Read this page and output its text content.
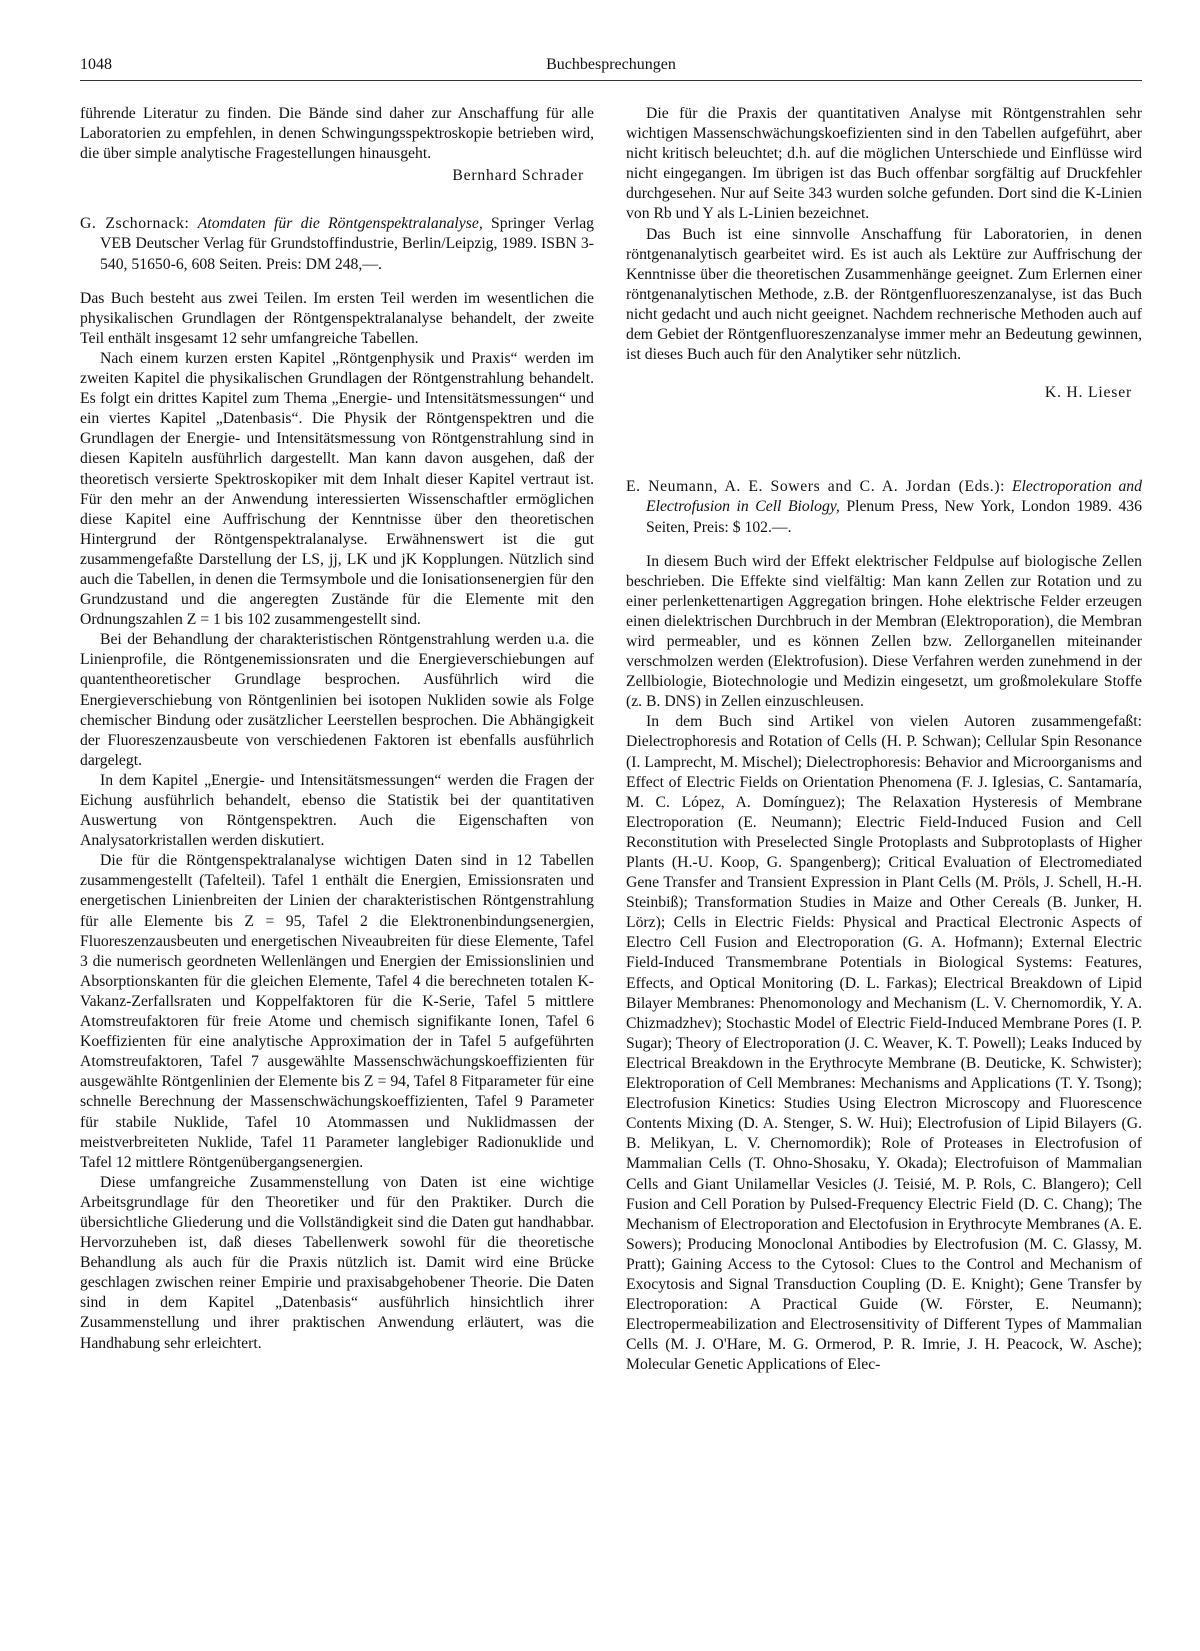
1048	Buchbesprechungen

führende Literatur zu finden. Die Bände sind daher zur Anschaffung für alle Laboratorien zu empfehlen, in denen Schwingungsspektroskopie betrieben wird, die über simple analytische Fragestellungen hinausgeht.

Bernhard Schrader
G. Zschornack: Atomdaten für die Röntgenspektralanalyse, Springer Verlag VEB Deutscher Verlag für Grundstoffindustrie, Berlin/Leipzig, 1989. ISBN 3-540, 51650-6, 608 Seiten. Preis: DM 248,—.

Das Buch besteht aus zwei Teilen. Im ersten Teil werden im wesentlichen die physikalischen Grundlagen der Röntgenspektralanalyse behandelt, der zweite Teil enthält insgesamt 12 sehr umfangreiche Tabellen.

Nach einem kurzen ersten Kapitel „Röntgenphysik und Praxis“ werden im zweiten Kapitel die physikalischen Grundlagen der Röntgenstrahlung behandelt. Es folgt ein drittes Kapitel zum Thema „Energie- und Intensitätsmessungen“ und ein viertes Kapitel „Datenbasis“. Die Physik der Röntgenspektren und die Grundlagen der Energie- und Intensitätsmessung von Röntgenstrahlung sind in diesen Kapiteln ausführlich dargestellt. Man kann davon ausgehen, daß der theoretisch versierte Spektroskopiker mit dem Inhalt dieser Kapitel vertraut ist. Für den mehr an der Anwendung interessierten Wissenschaftler ermöglichen diese Kapitel eine Auffrischung der Kenntnisse über den theoretischen Hintergrund der Röntgenspektralanalyse. Erwähnenswert ist die gut zusammengefaßte Darstellung der LS, jj, LK und jK Kopplungen. Nützlich sind auch die Tabellen, in denen die Termsymbole und die Ionisationsenergien für den Grundzustand und die angeregten Zustände für die Elemente mit den Ordnungszahlen Z = 1 bis 102 zusammengestellt sind.

Bei der Behandlung der charakteristischen Röntgenstrahlung werden u.a. die Linienprofile, die Röntgenemissionsraten und die Energieverschiebungen auf quantentheoretischer Grundlage besprochen. Ausführlich wird die Energieverschiebung von Röntgenlinien bei isotopen Nukliden sowie als Folge chemischer Bindung oder zusätzlicher Leerstellen besprochen. Die Abhängigkeit der Fluoreszenzausbeute von verschiedenen Faktoren ist ebenfalls ausführlich dargelegt.

In dem Kapitel „Energie- und Intensitätsmessungen“ werden die Fragen der Eichung ausführlich behandelt, ebenso die Statistik bei der quantitativen Auswertung von Röntgenspektren. Auch die Eigenschaften von Analysatorkristallen werden diskutiert.

Die für die Röntgenspektralanalyse wichtigen Daten sind in 12 Tabellen zusammengestellt (Tafelteil). Tafel 1 enthält die Energien, Emissionsraten und energetischen Linienbreiten der Linien der charakteristischen Röntgenstrahlung für alle Elemente bis Z = 95, Tafel 2 die Elektronenbindungsenergien, Fluoreszenzausbeuten und energetischen Niveaubreiten für diese Elemente, Tafel 3 die numerisch geordneten Wellenlängen und Energien der Emissionslinien und Absorptionskanten für die gleichen Elemente, Tafel 4 die berechneten totalen K-Vakanz-Zerfallsraten und Koppelfaktoren für die K-Serie, Tafel 5 mittlere Atomstreufaktoren für freie Atome und chemisch signifikante Ionen, Tafel 6 Koeffizienten für eine analytische Approximation der in Tafel 5 aufgeführten Atomstreufaktoren, Tafel 7 ausgewählte Massenschwächungskoeffizienten für ausgewählte Röntgenlinien der Elemente bis Z = 94, Tafel 8 Fitparameter für eine schnelle Berechnung der Massenschwächungskoeffizienten, Tafel 9 Parameter für stabile Nuklide, Tafel 10 Atommassen und Nuklidmassen der meistverbreiteten Nuklide, Tafel 11 Parameter langlebiger Radionuklide und Tafel 12 mittlere Röntgenübergangsenergien.

Diese umfangreiche Zusammenstellung von Daten ist eine wichtige Arbeitsgrundlage für den Theoretiker und für den Praktiker. Durch die übersichtliche Gliederung und die Vollständigkeit sind die Daten gut handhabbar. Hervorzuheben ist, daß dieses Tabellenwerk sowohl für die theoretische Behandlung als auch für die Praxis nützlich ist. Damit wird eine Brücke geschlagen zwischen reiner Empirie und praxisabgehobener Theorie. Die Daten sind in dem Kapitel „Datenbasis“ ausführlich hinsichtlich ihrer Zusammenstellung und ihrer praktischen Anwendung erläutert, was die Handhabung sehr erleichtert.

Die für die Praxis der quantitativen Analyse mit Röntgenstrahlen sehr wichtigen Massenschwächungskoefizienten sind in den Tabellen aufgeführt, aber nicht kritisch beleuchtet; d.h. auf die möglichen Unterschiede und Einflüsse wird nicht eingegangen. Im übrigen ist das Buch offenbar sorgfältig auf Druckfehler durchgesehen. Nur auf Seite 343 wurden solche gefunden. Dort sind die K-Linien von Rb und Y als L-Linien bezeichnet.

Das Buch ist eine sinnvolle Anschaffung für Laboratorien, in denen röntgenanalytisch gearbeitet wird. Es ist auch als Lektüre zur Auffrischung der Kenntnisse über die theoretischen Zusammenhänge geeignet. Zum Erlernen einer röntgenanalytischen Methode, z.B. der Röntgenfluoreszenzanalyse, ist das Buch nicht gedacht und auch nicht geeignet. Nachdem rechnerische Methoden auch auf dem Gebiet der Röntgenfluoreszenzanalyse immer mehr an Bedeutung gewinnen, ist dieses Buch auch für den Analytiker sehr nützlich.

K. H. Lieser
E. Neumann, A. E. Sowers and C. A. Jordan (Eds.): Electroporation and Electrofusion in Cell Biology, Plenum Press, New York, London 1989. 436 Seiten, Preis: $ 102.—.

In diesem Buch wird der Effekt elektrischer Feldpulse auf biologische Zellen beschrieben. Die Effekte sind vielfältig: Man kann Zellen zur Rotation und zu einer perlenkettenartigen Aggregation bringen. Hohe elektrische Felder erzeugen einen dielektrischen Durchbruch in der Membran (Elektroporation), die Membran wird permeabler, und es können Zellen bzw. Zellorganellen miteinander verschmolzen werden (Elektrofusion). Diese Verfahren werden zunehmend in der Zellbiologie, Biotechnologie und Medizin eingesetzt, um großmolekulare Stoffe (z. B. DNS) in Zellen einzuschleusen.

In dem Buch sind Artikel von vielen Autoren zusammengefaßt: Dielectrophoresis and Rotation of Cells (H. P. Schwan); Cellular Spin Resonance (I. Lamprecht, M. Mischel); Dielectrophoresis: Behavior and Microorganisms and Effect of Electric Fields on Orientation Phenomena (F. J. Iglesias, C. Santamaría, M. C. López, A. Domínguez); The Relaxation Hysteresis of Membrane Electroporation (E. Neumann); Electric Field-Induced Fusion and Cell Reconstitution with Preselected Single Protoplasts and Subprotoplasts of Higher Plants (H.-U. Koop, G. Spangenberg); Critical Evaluation of Electromediated Gene Transfer and Transient Expression in Plant Cells (M. Pröls, J. Schell, H.-H. Steinbiß); Transformation Studies in Maize and Other Cereals (B. Junker, H. Lörz); Cells in Electric Fields: Physical and Practical Electronic Aspects of Electro Cell Fusion and Electroporation (G. A. Hofmann); External Electric Field-Induced Transmembrane Potentials in Biological Systems: Features, Effects, and Optical Monitoring (D. L. Farkas); Electrical Breakdown of Lipid Bilayer Membranes: Phenomonology and Mechanism (L. V. Chernomordik, Y. A. Chizmadzhev); Stochastic Model of Electric Field-Induced Membrane Pores (I. P. Sugar); Theory of Electroporation (J. C. Weaver, K. T. Powell); Leaks Induced by Electrical Breakdown in the Erythrocyte Membrane (B. Deuticke, K. Schwister); Elektroporation of Cell Membranes: Mechanisms and Applications (T. Y. Tsong); Electrofusion Kinetics: Studies Using Electron Microscopy and Fluorescence Contents Mixing (D. A. Stenger, S. W. Hui); Electrofusion of Lipid Bilayers (G. B. Melikyan, L. V. Chernomordik); Role of Proteases in Electrofusion of Mammalian Cells (T. Ohno-Shosaku, Y. Okada); Electrofuison of Mammalian Cells and Giant Unilamellar Vesicles (J. Teisié, M. P. Rols, C. Blangero); Cell Fusion and Cell Poration by Pulsed-Frequency Electric Field (D. C. Chang); The Mechanism of Electroporation and Electofusion in Erythrocyte Membranes (A. E. Sowers); Producing Monoclonal Antibodies by Electrofusion (M. C. Glassy, M. Pratt); Gaining Access to the Cytosol: Clues to the Control and Mechanism of Exocytosis and Signal Transduction Coupling (D. E. Knight); Gene Transfer by Electroporation: A Practical Guide (W. Förster, E. Neumann); Electropermeabilization and Electrosensitivity of Different Types of Mammalian Cells (M. J. O'Hare, M. G. Ormerod, P. R. Imrie, J. H. Peacock, W. Asche); Molecular Genetic Applications of Elec-
